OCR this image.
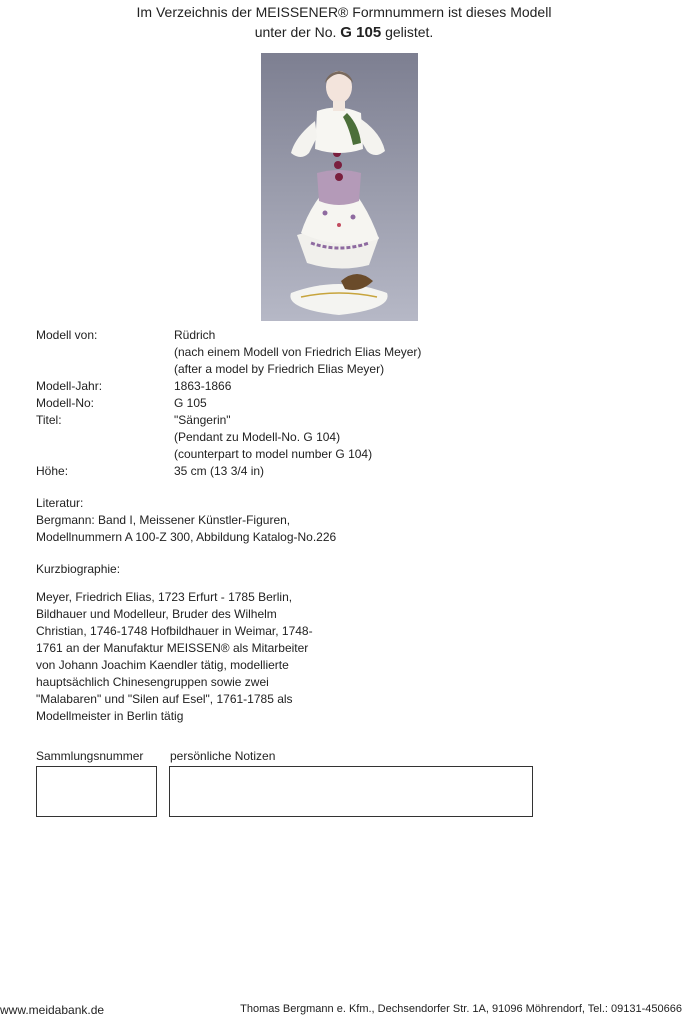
Im Verzeichnis der MEISSENER® Formnummern ist dieses Modell
unter der No. G 105 gelistet.
Modell von:	Rüdrich
(nach einem Modell von Friedrich Elias Meyer)
(after a model by Friedrich Elias Meyer)
Modell-Jahr:	1863-1866
Modell-No:	G 105
Titel:	"Sängerin"
(Pendant zu Modell-No. G 104)
(counterpart to model number G 104)
Höhe:	35 cm (13 3/4 in)
Literatur:
Bergmann: Band I, Meissener Künstler-Figuren,
Modellnummern A 100-Z 300, Abbildung Katalog-No.226
Kurzbiographie:
Meyer, Friedrich Elias, 1723 Erfurt - 1785 Berlin,
Bildhauer und Modelleur, Bruder des Wilhelm
Christian, 1746-1748 Hofbildhauer in Weimar, 1748-
1761 an der Manufaktur MEISSEN® als Mitarbeiter
von Johann Joachim Kaendler tätig, modellierte
hauptsächlich Chinesengruppen sowie zwei
"Malabaren" und "Silen auf Esel", 1761-1785 als
Modellmeister in Berlin tätig
Sammlungsnummer persönliche Notizen
www.meidabank.de	Thomas Bergmann e. Kfm., Dechsendorfer Str. 1A, 91096 Möhrendorf, Tel.: 09131-450666
